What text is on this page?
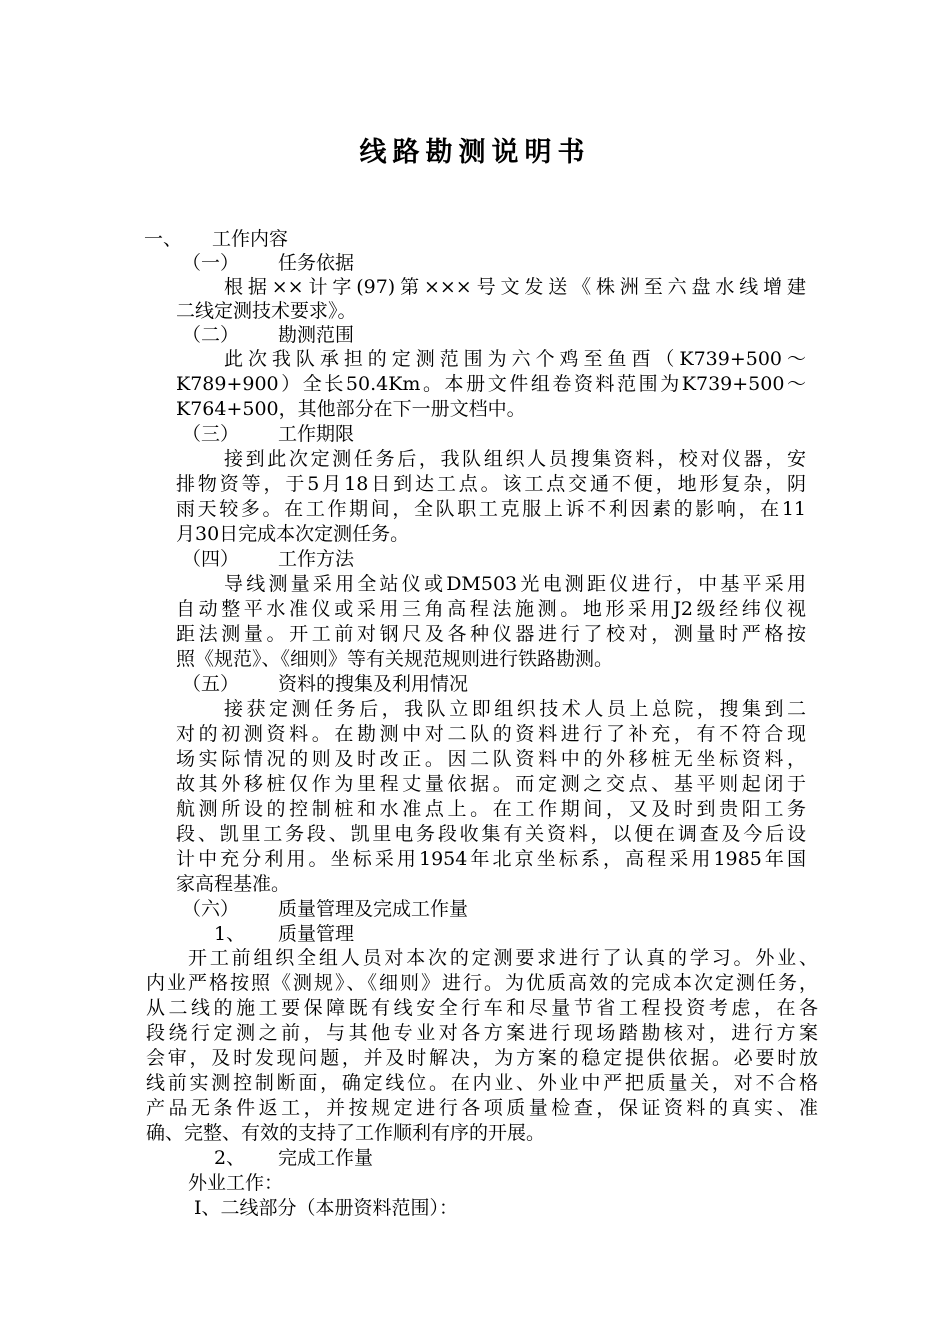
线路勘测说明书
一、 工作内容
（一） 任务依据
根据××计字(97)第×××号文发送《株洲至六盘水线增建
二线定测技术要求》。
（二） 勘测范围
此次我队承担的定测范围为六个鸡至鱼酉（K739+500～
K789+900）全长50.4Km。本册文件组卷资料范围为K739+500～
K764+500，其他部分在下一册文档中。
（三） 工作期限
接到此次定测任务后，我队组织人员搜集资料，校对仪器，安
排物资等，于5月18日到达工点。该工点交通不便，地形复杂，阴
雨天较多。在工作期间，全队职工克服上诉不利因素的影响，在11
月30日完成本次定测任务。
（四） 工作方法
导线测量采用全站仪或DM503光电测距仪进行，中基平采用
自动整平水准仪或采用三角高程法施测。地形采用J2级经纬仪视
距法测量。开工前对钢尺及各种仪器进行了校对，测量时严格按
照《规范》、《细则》等有关规范规则进行铁路勘测。
（五） 资料的搜集及利用情况
接获定测任务后，我队立即组织技术人员上总院，搜集到二
对的初测资料。在勘测中对二队的资料进行了补充，有不符合现
场实际情况的则及时改正。因二队资料中的外移桩无坐标资料，
故其外移桩仅作为里程丈量依据。而定测之交点、基平则起闭于
航测所设的控制桩和水准点上。在工作期间，又及时到贵阳工务
段、凯里工务段、凯里电务段收集有关资料，以便在调查及今后设
计中充分利用。坐标采用1954年北京坐标系，高程采用1985年国
家高程基准。
（六） 质量管理及完成工作量
1、 质量管理
开工前组织全组人员对本次的定测要求进行了认真的学习。外业、
内业严格按照《测规》、《细则》进行。为优质高效的完成本次定测任务，
从二线的施工要保障既有线安全行车和尽量节省工程投资考虑，在各
段绕行定测之前，与其他专业对各方案进行现场踏勘核对，进行方案
会审，及时发现问题，并及时解决，为方案的稳定提供依据。必要时放
线前实测控制断面，确定线位。在内业、外业中严把质量关，对不合格
产品无条件返工，并按规定进行各项质量检查，保证资料的真实、准
确、完整、有效的支持了工作顺利有序的开展。
2、 完成工作量
外业工作：
Ⅰ、二线部分（本册资料范围）：
